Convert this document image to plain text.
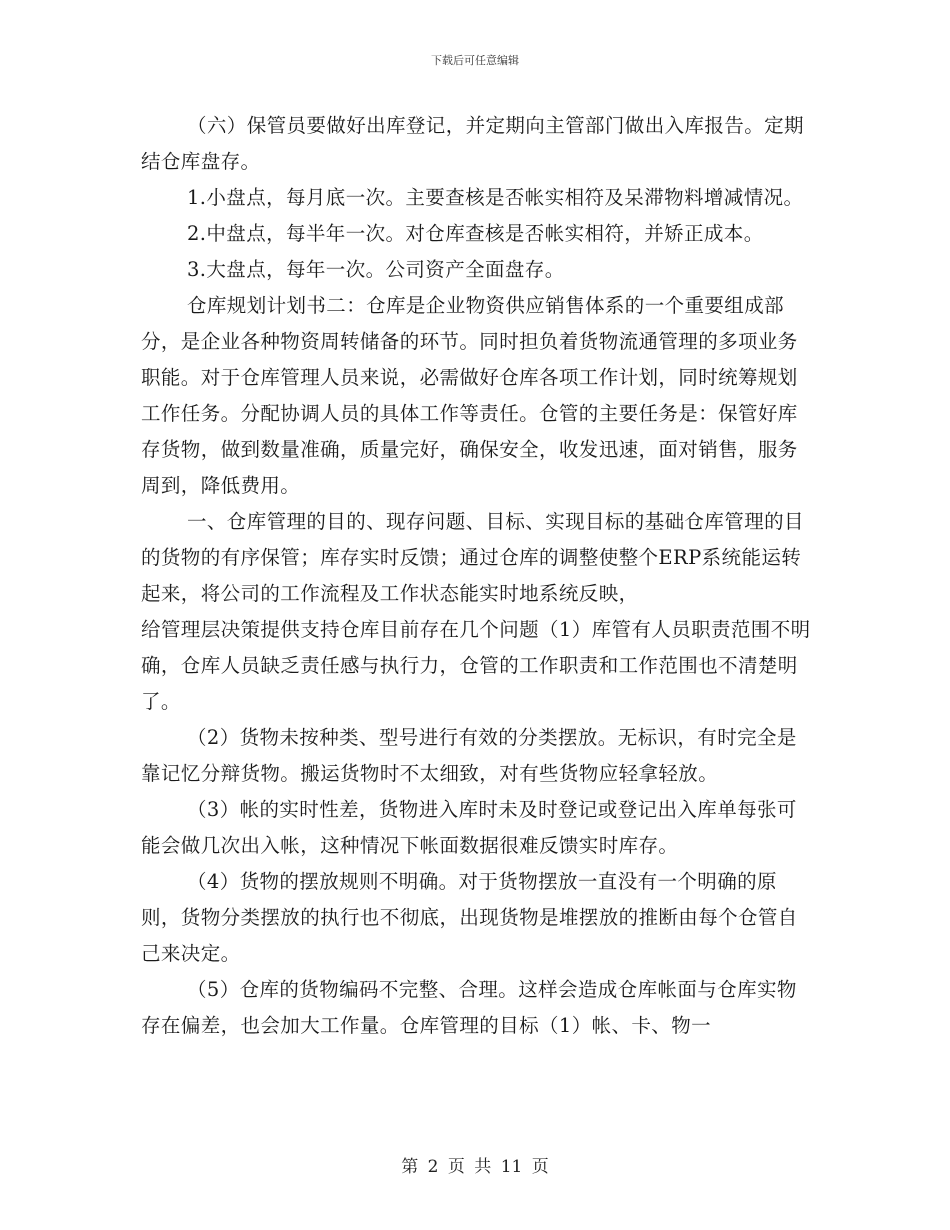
下载后可任意编辑

（六）保管员要做好出库登记，并定期向主管部门做出入库报告。定期结仓库盘存。

1.小盘点，每月底一次。主要查核是否帐实相符及呆滞物料增减情况。

2.中盘点，每半年一次。对仓库查核是否帐实相符，并矫正成本。

3.大盘点，每年一次。公司资产全面盘存。

仓库规划计划书二：仓库是企业物资供应销售体系的一个重要组成部分，是企业各种物资周转储备的环节。同时担负着货物流通管理的多项业务职能。对于仓库管理人员来说，必需做好仓库各项工作计划，同时统筹规划工作任务。分配协调人员的具体工作等责任。仓管的主要任务是：保管好库存货物，做到数量准确，质量完好，确保安全，收发迅速，面对销售，服务周到，降低费用。

一、仓库管理的目的、现存问题、目标、实现目标的基础仓库管理的目的货物的有序保管；库存实时反馈；通过仓库的调整使整个ERP系统能运转起来，将公司的工作流程及工作状态能实时地系统反映，

给管理层决策提供支持仓库目前存在几个问题（1）库管有人员职责范围不明确，仓库人员缺乏责任感与执行力，仓管的工作职责和工作范围也不清楚明了。

（2）货物未按种类、型号进行有效的分类摆放。无标识，有时完全是靠记忆分辩货物。搬运货物时不太细致，对有些货物应轻拿轻放。

（3）帐的实时性差，货物进入库时未及时登记或登记出入库单每张可能会做几次出入帐，这种情况下帐面数据很难反馈实时库存。

（4）货物的摆放规则不明确。对于货物摆放一直没有一个明确的原则，货物分类摆放的执行也不彻底，出现货物是堆摆放的推断由每个仓管自己来决定。

（5）仓库的货物编码不完整、合理。这样会造成仓库帐面与仓库实物存在偏差，也会加大工作量。仓库管理的目标（1）帐、卡、物一

第 2 页 共 11 页
